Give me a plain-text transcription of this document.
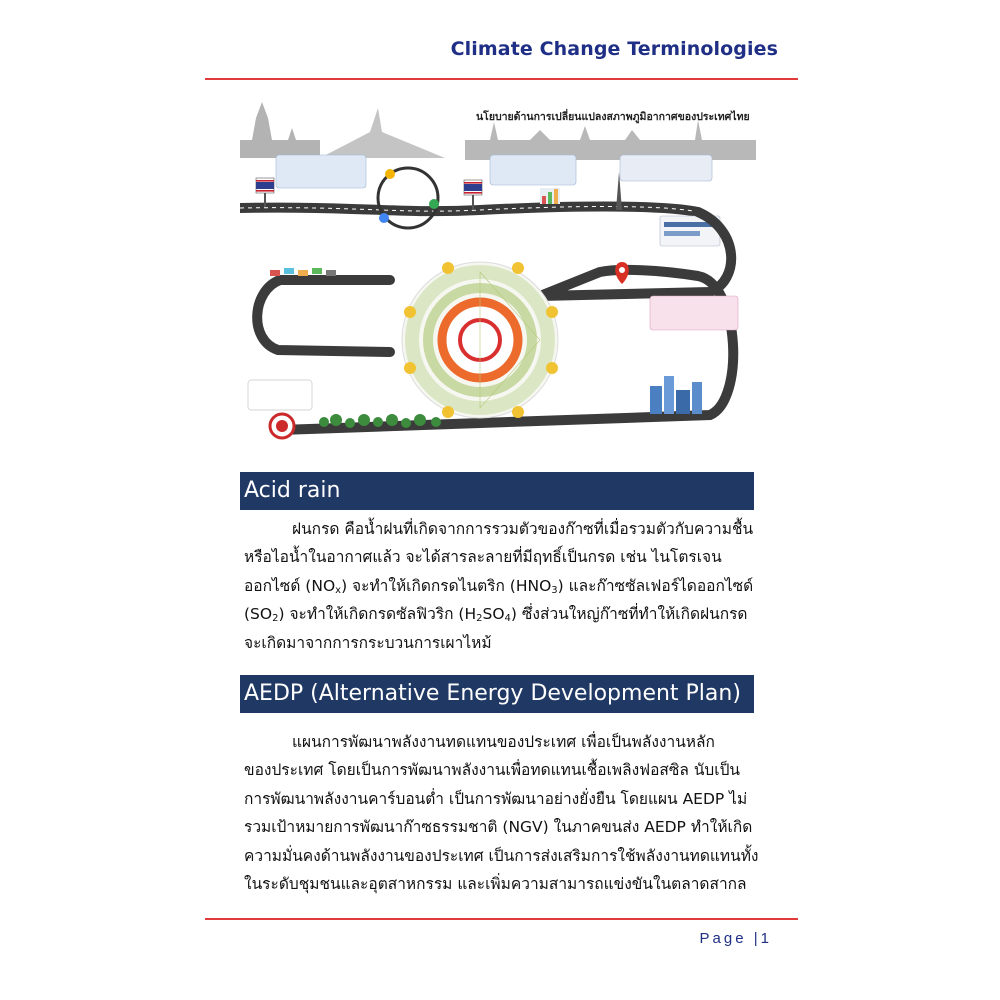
Climate Change Terminologies
นโยบายด้านการเปลี่ยนแปลงสภาพภูมิอากาศของประเทศไทย
Acid rain

ฝนกรด คือน้ำฝนที่เกิดจากการรวมตัวของก๊าซที่เมื่อรวมตัวกับความชื้น
หรือไอน้ำในอากาศแล้ว จะได้สารละลายที่มีฤทธิ์เป็นกรด เช่น ไนโตรเจน
ออกไซด์ $(NO_x)$ จะทำให้เกิดกรดไนตริก $(HNO_3)$ และก๊าซซัลเฟอร์ไดออกไซด์
$(SO_2)$ จะทำให้เกิดกรดซัลฟิวริก $(H_2SO_4)$ ซึ่งส่วนใหญ่ก๊าซที่ทำให้เกิดฝนกรด
จะเกิดมาจากการกระบวนการเผาไหม้

AEDP (Alternative Energy Development Plan)

แผนการพัฒนาพลังงานทดแทนของประเทศ เพื่อเป็นพลังงานหลัก
ของประเทศ โดยเป็นการพัฒนาพลังงานเพื่อทดแทนเชื้อเพลิงฟอสซิล นับเป็น
การพัฒนาพลังงานคาร์บอนต่ำ เป็นการพัฒนาอย่างยั่งยืน โดยแผน AEDP ไม่
รวมเป้าหมายการพัฒนาก๊าซธรรมชาติ (NGV) ในภาคขนส่ง AEDP ทำให้เกิด
ความมั่นคงด้านพลังงานของประเทศ เป็นการส่งเสริมการใช้พลังงานทดแทนทั้ง
ในระดับชุมชนและอุตสาหกรรม และเพิ่มความสามารถแข่งขันในตลาดสากล

Page |1
